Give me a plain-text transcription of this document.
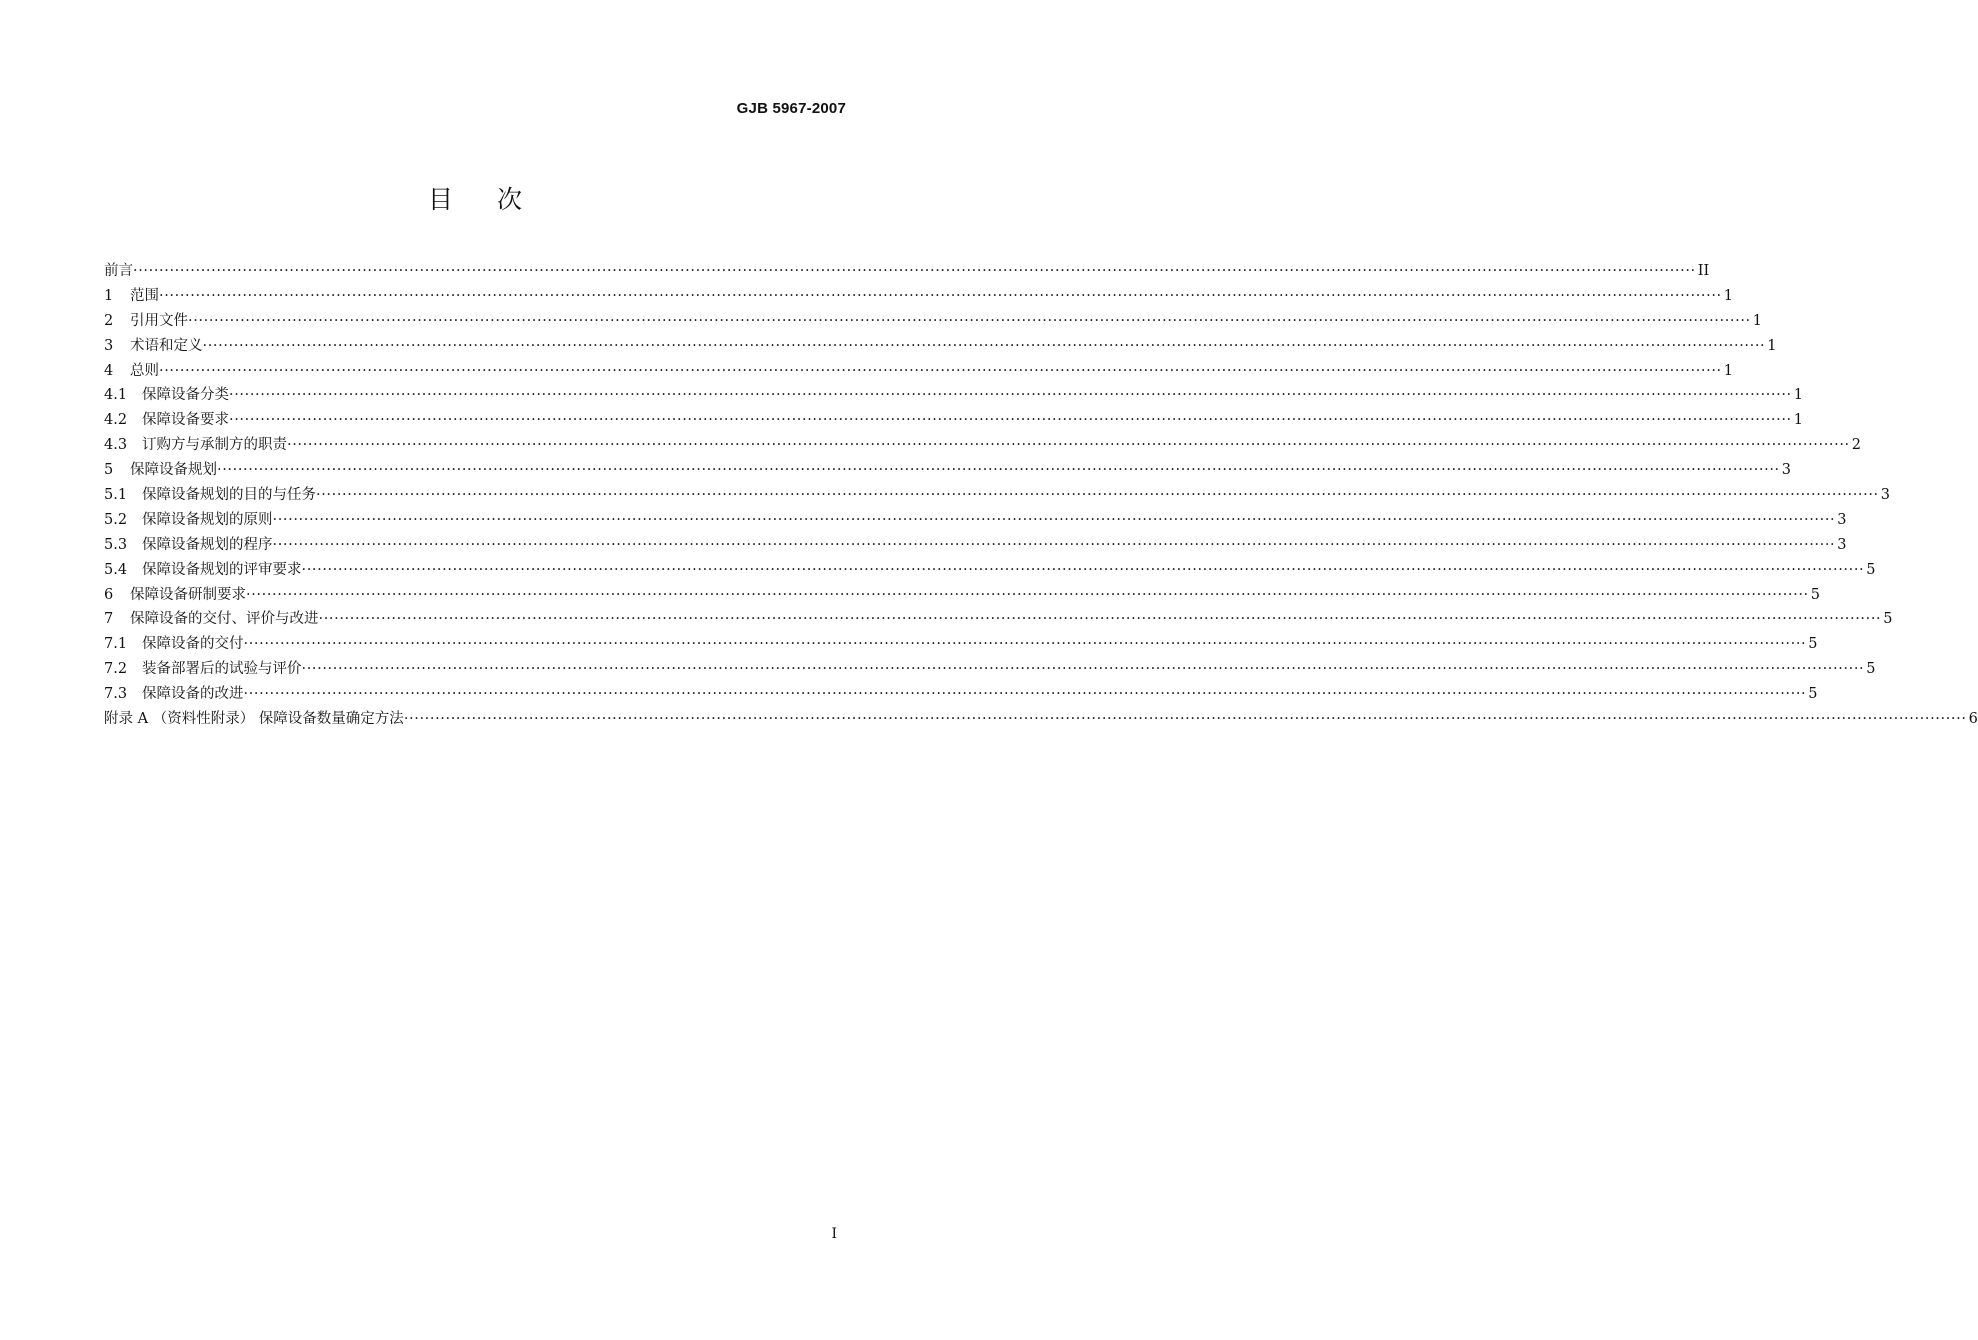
GJB 5967-2007
目次
前言 ············································································································································································································································································································ II
1	范围 ············································································································································································································································································································ 1
2	引用文件 ············································································································································································································································································································ 1
3	术语和定义 ············································································································································································································································································································ 1
4	总则 ············································································································································································································································································································ 1
4.1	保障设备分类 ············································································································································································································································································································ 1
4.2	保障设备要求 ············································································································································································································································································································ 1
4.3	订购方与承制方的职责 ············································································································································································································································································································ 2
5	保障设备规划 ············································································································································································································································································································ 3
5.1	保障设备规划的目的与任务 ············································································································································································································································································································ 3
5.2	保障设备规划的原则 ············································································································································································································································································································ 3
5.3	保障设备规划的程序 ············································································································································································································································································································ 3
5.4	保障设备规划的评审要求 ············································································································································································································································································································ 5
6	保障设备研制要求 ············································································································································································································································································································ 5
7	保障设备的交付、评价与改进 ············································································································································································································································································································ 5
7.1	保障设备的交付 ············································································································································································································································································································ 5
7.2	装备部署后的试验与评价 ············································································································································································································································································································ 5
7.3	保障设备的改进 ············································································································································································································································································································ 5
附录 A （资料性附录） 保障设备数量确定方法 ············································································································································································································································································································ 6
I
